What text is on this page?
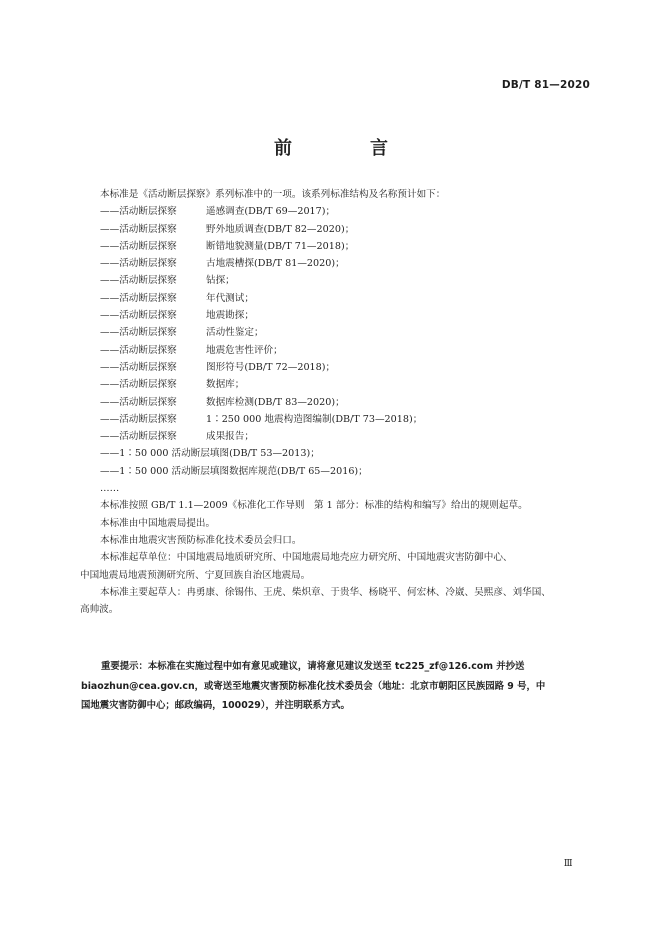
DB/T 81—2020
前　言
本标准是《活动断层探察》系列标准中的一项。该系列标准结构及名称预计如下：
——活动断层探察	遥感调查(DB/T 69—2017)；
——活动断层探察	野外地质调查(DB/T 82—2020)；
——活动断层探察	断错地貌测量(DB/T 71—2018)；
——活动断层探察	古地震槽探(DB/T 81—2020)；
——活动断层探察	钻探；
——活动断层探察	年代测试；
——活动断层探察	地震勘探；
——活动断层探察	活动性鉴定；
——活动断层探察	地震危害性评价；
——活动断层探察	图形符号(DB/T 72—2018)；
——活动断层探察	数据库；
——活动断层探察	数据库检测(DB/T 83—2020)；
——活动断层探察	1∶250 000 地震构造图编制(DB/T 73—2018)；
——活动断层探察	成果报告；
——1∶50 000 活动断层填图(DB/T 53—2013)；
——1∶50 000 活动断层填图数据库规范(DB/T 65—2016)；
……
本标准按照 GB/T 1.1—2009《标准化工作导则　第 1 部分：标准的结构和编写》给出的规则起草。
本标准由中国地震局提出。
本标准由地震灾害预防标准化技术委员会归口。
本标准起草单位：中国地震局地质研究所、中国地震局地壳应力研究所、中国地震灾害防御中心、
中国地震局地震预测研究所、宁夏回族自治区地震局。
本标准主要起草人：冉勇康、徐锡伟、王虎、柴炽章、于贵华、杨晓平、何宏林、冷崴、吴熙彦、刘华国、
高帅波。
重要提示：本标准在实施过程中如有意见或建议，请将意见建议发送至 tc225_zf@126.com 并抄送
biaozhun@cea.gov.cn，或寄送至地震灾害预防标准化技术委员会（地址：北京市朝阳区民族园路 9 号，中
国地震灾害防御中心；邮政编码，100029），并注明联系方式。
Ⅲ
